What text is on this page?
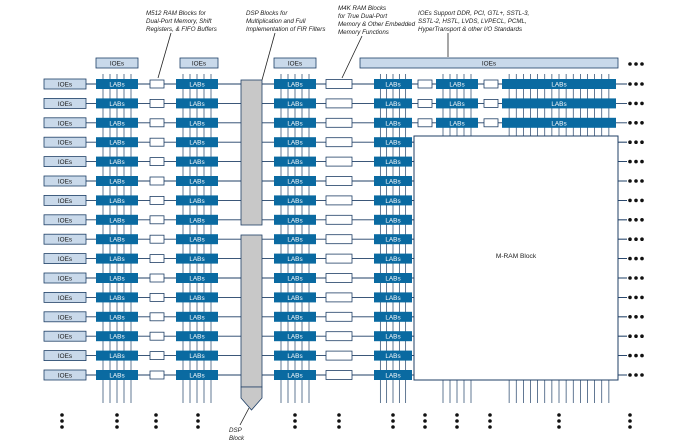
IOEs	IOEs	IOEs	IOEs
IOEs	LABs	LABs	LABs	LABs	LABs	LABs
IOEs	LABs	LABs	LABs	LABs	LABs	LABs
IOEs	LABs	LABs	LABs	LABs	LABs	LABs
IOEs	LABs	LABs	LABs	LABs
IOEs	LABs	LABs	LABs	LABs
IOEs	LABs	LABs	LABs	LABs
IOEs	LABs	LABs	LABs	LABs
IOEs	LABs	LABs	LABs	LABs
IOEs	LABs	LABs	LABs	LABs
IOEs	LABs	LABs	LABs	LABs
IOEs	LABs	LABs	LABs	LABs
IOEs	LABs	LABs	LABs	LABs
IOEs	LABs	LABs	LABs	LABs
IOEs	LABs	LABs	LABs	LABs
IOEs	LABs	LABs	LABs	LABs
IOEs	LABs	LABs	LABs	LABs
M512 RAM Blocks for
Dual-Port Memory, Shift
Registers, & FIFO Buffers
DSP Blocks for
Multiplication and Full
Implementation of FIR Filters
M4K RAM Blocks
for True Dual-Port
Memory & Other Embedded
Memory Functions
IOEs Support DDR, PCI, GTL+, SSTL-3,
SSTL-2, HSTL, LVDS, LVPECL, PCML,
HyperTransport & other I/O Standards
M-RAM Block
DSP
Block
